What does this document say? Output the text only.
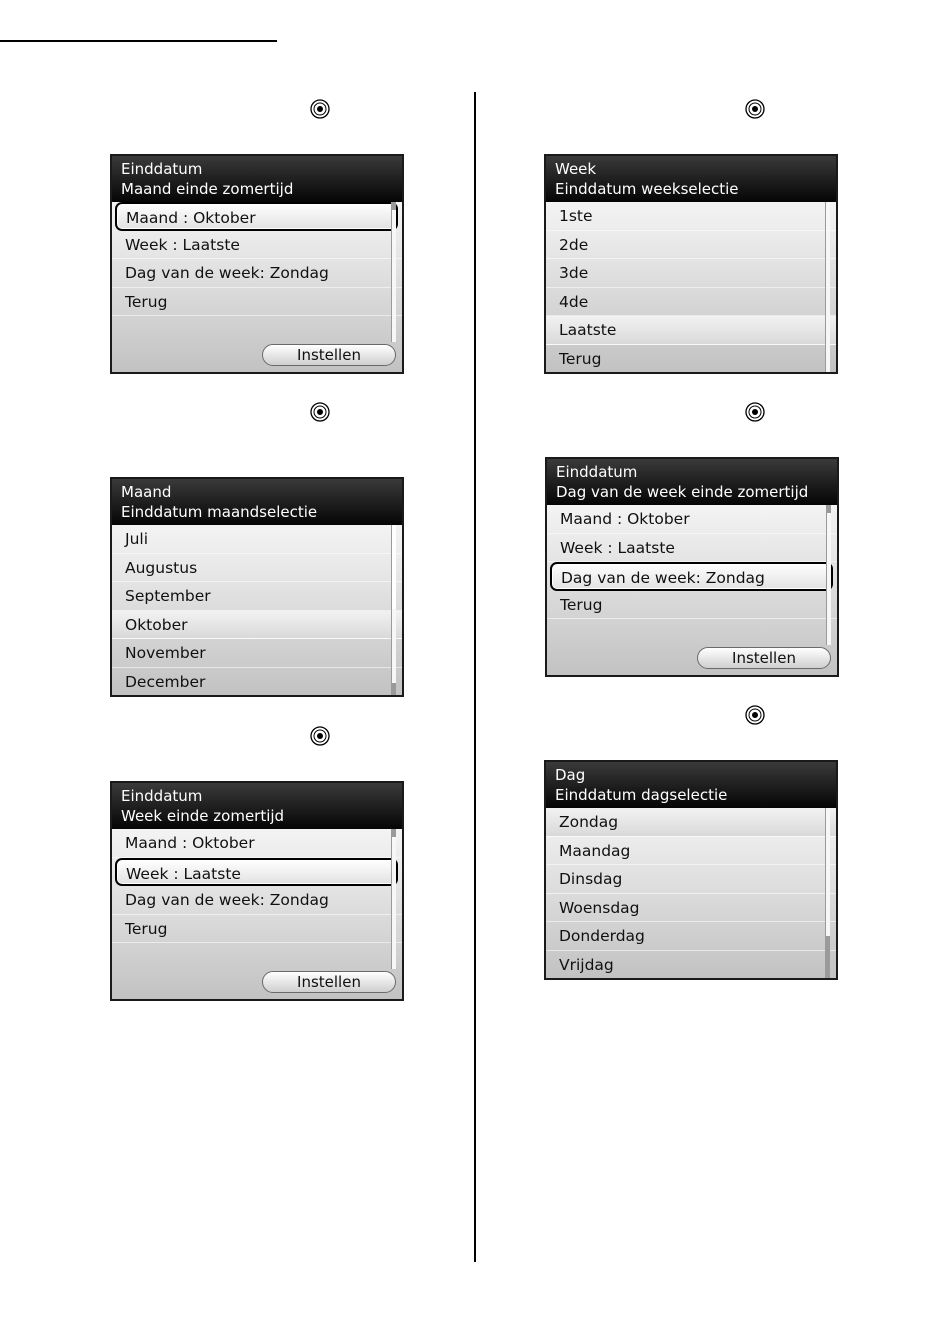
Einddatum
Maand einde zomertijd
Maand : Oktober
Week : Laatste
Dag van de week: Zondag
Terug
Instellen
Maand
Einddatum maandselectie
Juli
Augustus
September
Oktober
November
December
Einddatum
Week einde zomertijd
Maand : Oktober
Week : Laatste
Dag van de week: Zondag
Terug
Instellen
Week
Einddatum weekselectie
1ste
2de
3de
4de
Laatste
Terug
Einddatum
Dag van de week einde zomertijd
Maand : Oktober
Week : Laatste
Dag van de week: Zondag
Terug
Instellen
Dag
Einddatum dagselectie
Zondag
Maandag
Dinsdag
Woensdag
Donderdag
Vrijdag
